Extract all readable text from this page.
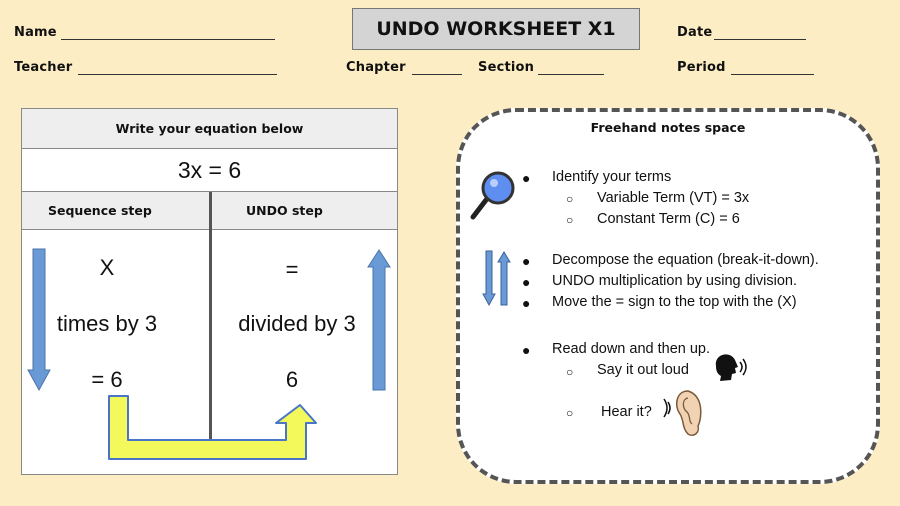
Name
Teacher
UNDO WORKSHEET X1
Chapter	Section
Date
Period
Write your equation below
3x = 6
Sequence step	UNDO step
X
times by 3
= 6
=
divided by 3
6
Freehand notes space
● Identify your terms
○ Variable Term (VT) = 3x
○ Constant Term (C) = 6
● Decompose the equation (break-it-down).
● UNDO multiplication by using division.
● Move the = sign to the top with the (X)
● Read down and then up.
○ Say it out loud
○ Hear it?
